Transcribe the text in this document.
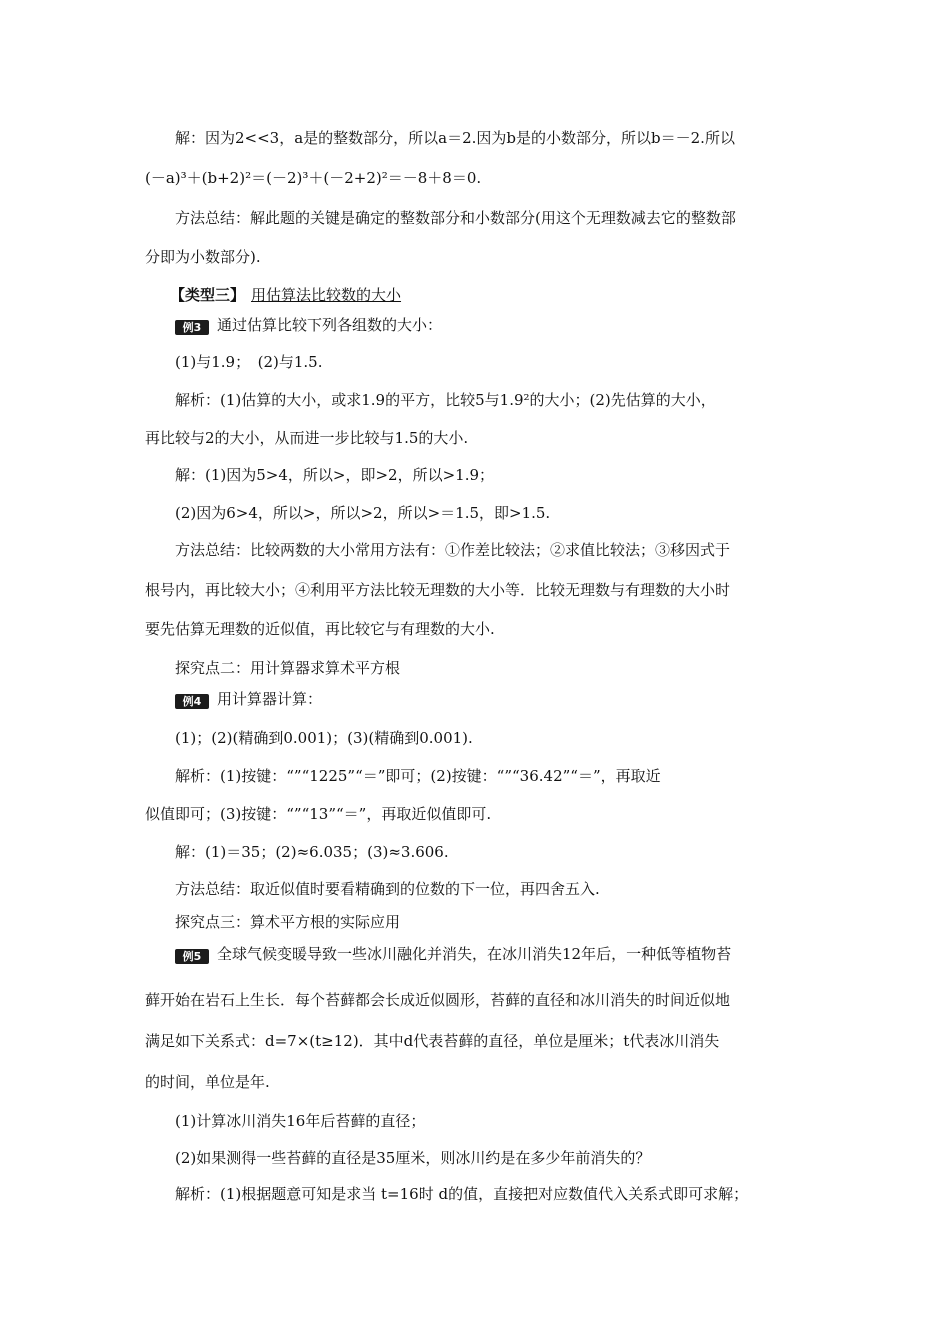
解：因为2<<3，a是的整数部分，所以a＝2.因为b是的小数部分，所以b＝－2.所以
(－a)³＋(b+2)²＝(－2)³＋(－2+2)²＝－8＋8＝0.
方法总结：解此题的关键是确定的整数部分和小数部分(用这个无理数减去它的整数部
分即为小数部分).
【类型三】 用估算法比较数的大小
例3 通过估算比较下列各组数的大小：
(1)与1.9；　(2)与1.5.
解析：(1)估算的大小，或求1.9的平方，比较5与1.9²的大小；(2)先估算的大小，
再比较与2的大小，从而进一步比较与1.5的大小.
解：(1)因为5>4，所以>，即>2，所以>1.9；
(2)因为6>4，所以>，所以>2，所以>＝1.5，即>1.5.
方法总结：比较两数的大小常用方法有：①作差比较法；②求值比较法；③移因式于
根号内，再比较大小；④利用平方法比较无理数的大小等．比较无理数与有理数的大小时
要先估算无理数的近似值，再比较它与有理数的大小.
探究点二：用计算器求算术平方根
例4 用计算器计算：
(1)；(2)(精确到0.001)；(3)(精确到0.001).
解析：(1)按键：“”“1225”“＝”即可；(2)按键：“”“36.42”“＝”，再取近
似值即可；(3)按键：“”“13”“＝”，再取近似值即可.
解：(1)＝35；(2)≈6.035；(3)≈3.606.
方法总结：取近似值时要看精确到的位数的下一位，再四舍五入.
探究点三：算术平方根的实际应用
例5 全球气候变暖导致一些冰川融化并消失，在冰川消失12年后，一种低等植物苔
藓开始在岩石上生长．每个苔藓都会长成近似圆形，苔藓的直径和冰川消失的时间近似地
满足如下关系式：d=7×(t≥12)．其中d代表苔藓的直径，单位是厘米；t代表冰川消失
的时间，单位是年.
(1)计算冰川消失16年后苔藓的直径；
(2)如果测得一些苔藓的直径是35厘米，则冰川约是在多少年前消失的？
解析：(1)根据题意可知是求当 t=16时 d的值，直接把对应数值代入关系式即可求解；
